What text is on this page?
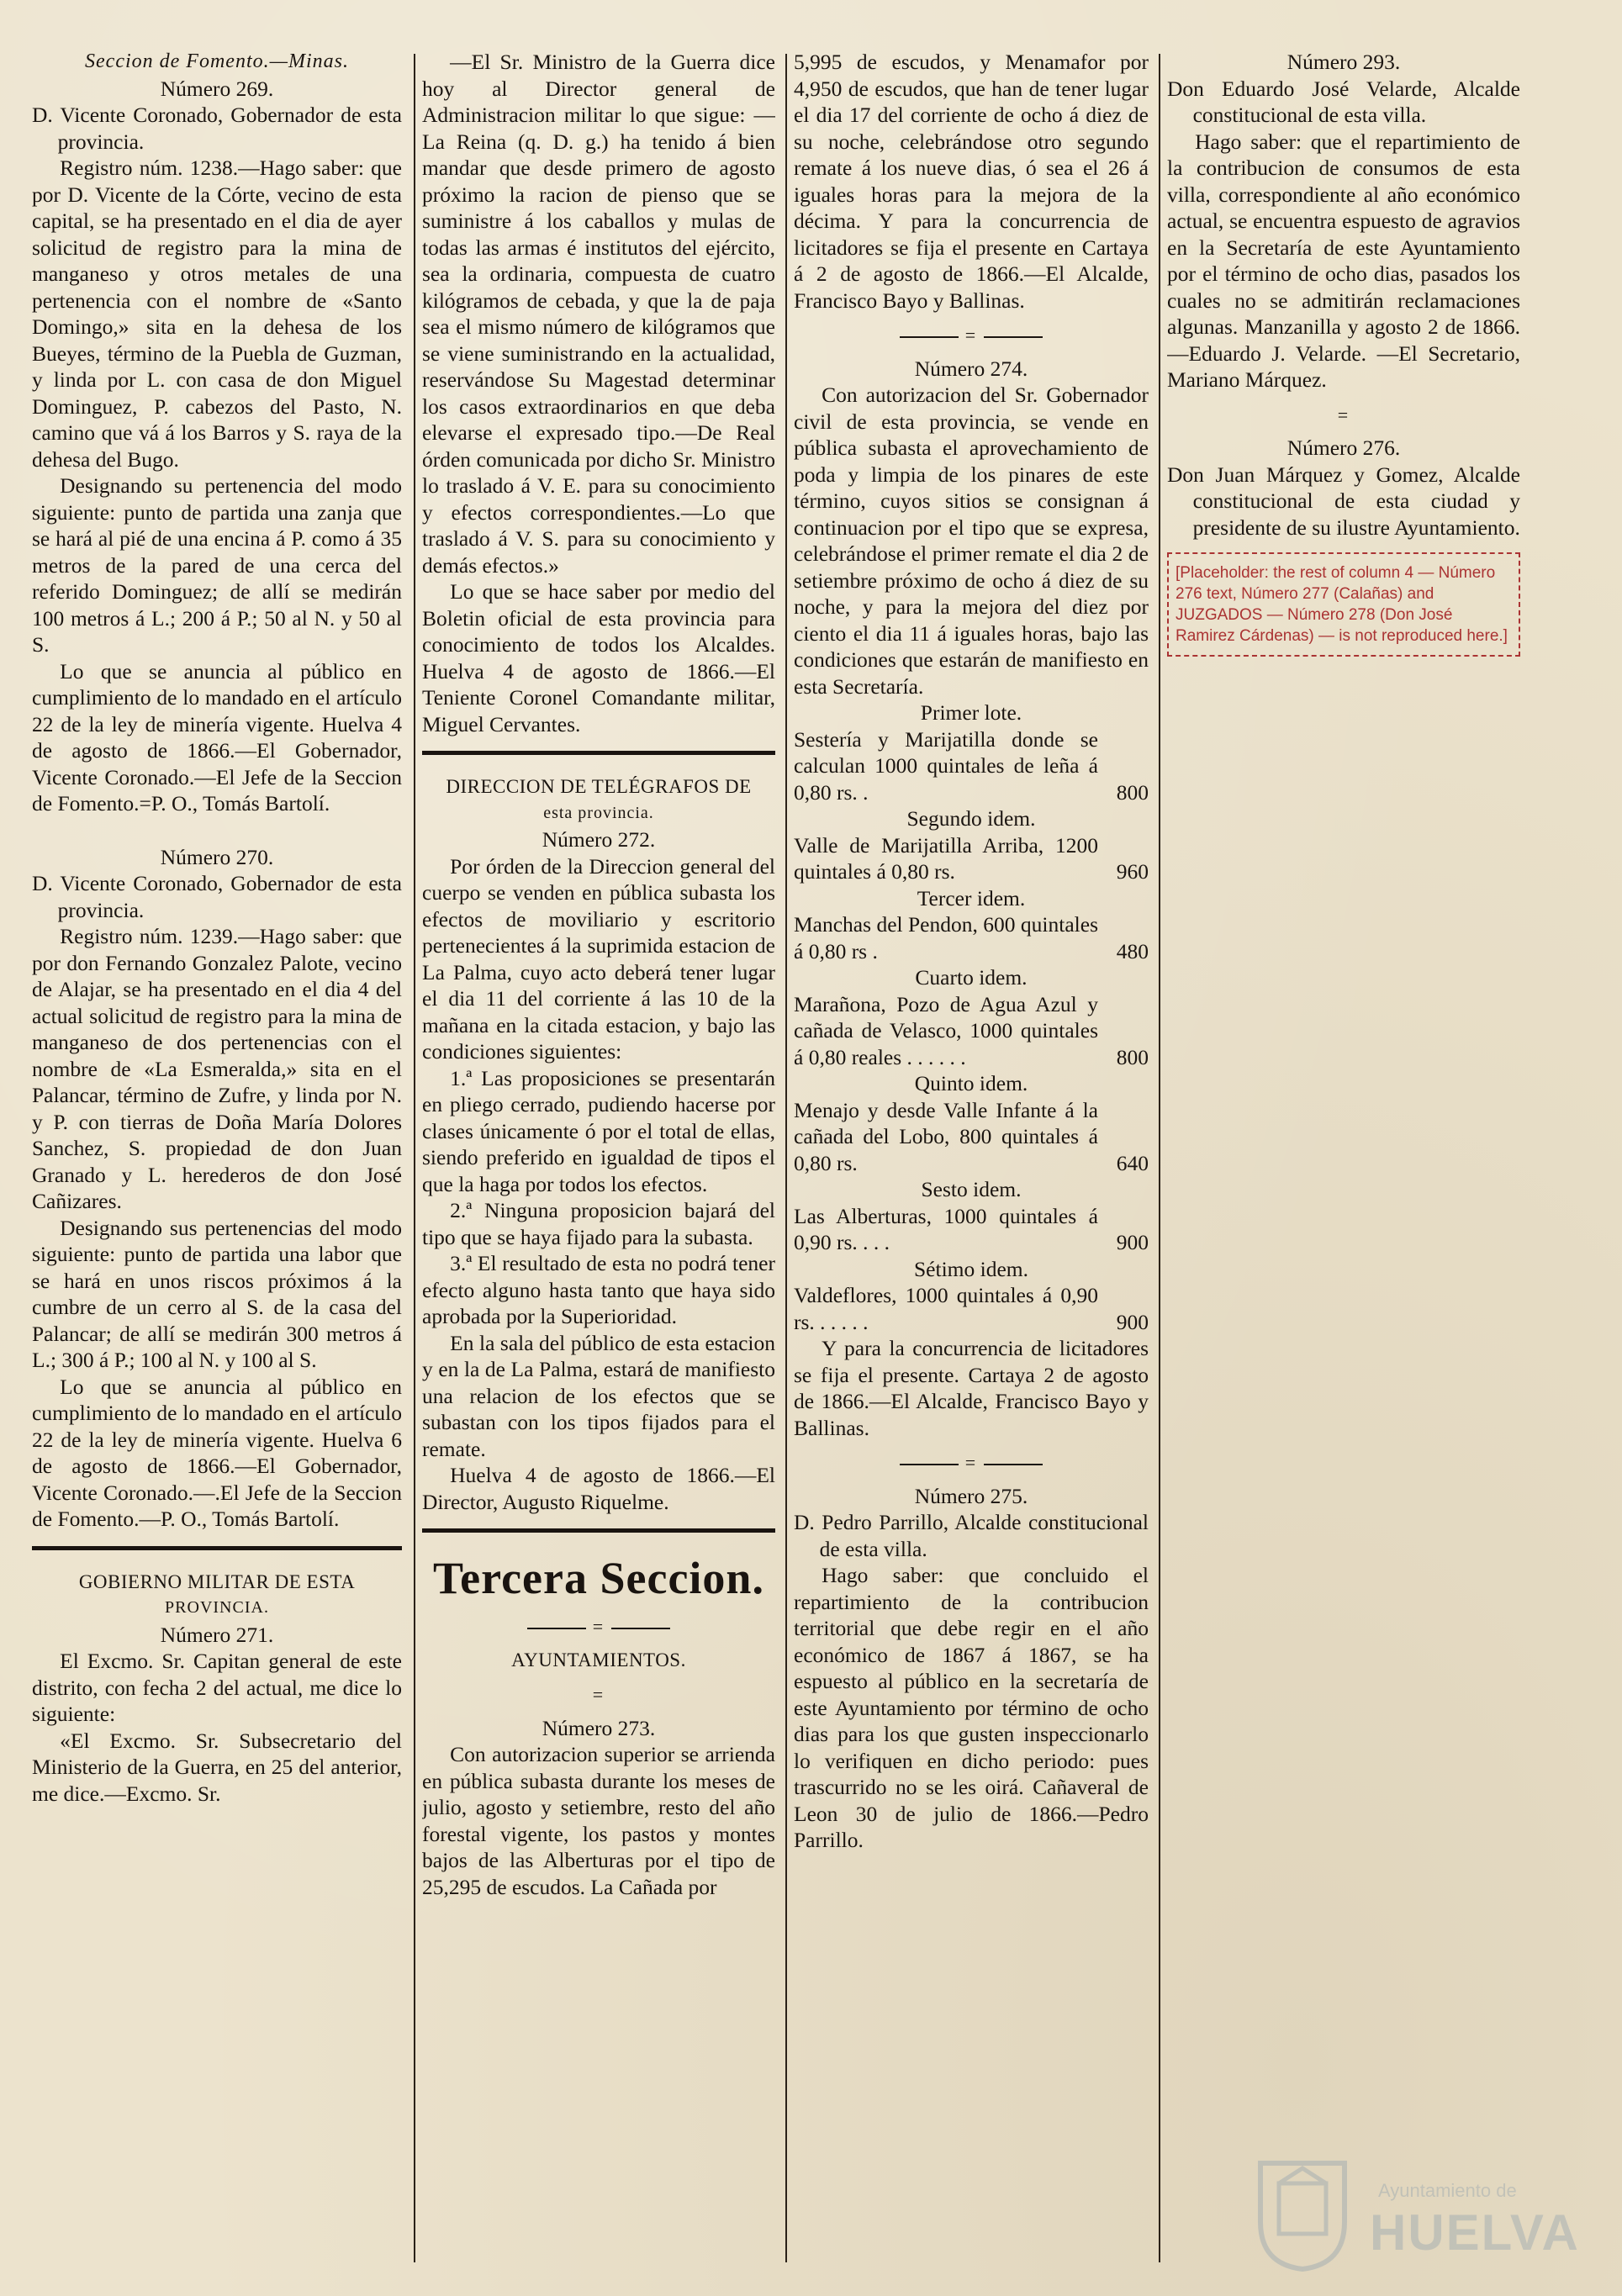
Seccion de Fomento.—Minas.

Número 269.

D. Vicente Coronado, Gobernador de esta provincia.

Registro núm. 1238.—Hago saber: que por D. Vicente de la Córte, vecino de esta capital, se ha presentado en el dia de ayer solicitud de registro para la mina de manganeso y otros metales de una pertenencia con el nombre de «Santo Domingo,» sita en la dehesa de los Bueyes, término de la Puebla de Guzman, y linda por L. con casa de don Miguel Dominguez, P. cabezos del Pasto, N. camino que vá á los Barros y S. raya de la dehesa del Bugo.

Designando su pertenencia del modo siguiente: punto de partida una zanja que se hará al pié de una encina á P. como á 35 metros de la pared de una cerca del referido Dominguez; de allí se medirán 100 metros á L.; 200 á P.; 50 al N. y 50 al S.

Lo que se anuncia al público en cumplimiento de lo mandado en el artículo 22 de la ley de minería vigente. Huelva 4 de agosto de 1866.—El Gobernador, Vicente Coronado.—El Jefe de la Seccion de Fomento.=P. O., Tomás Bartolí.

Número 270.

D. Vicente Coronado, Gobernador de esta provincia.

Registro núm. 1239.—Hago saber: que por don Fernando Gonzalez Palote, vecino de Alajar, se ha presentado en el dia 4 del actual solicitud de registro para la mina de manganeso de dos pertenencias con el nombre de «La Esmeralda,» sita en el Palancar, término de Zufre, y linda por N. y P. con tierras de Doña María Dolores Sanchez, S. propiedad de don Juan Granado y L. herederos de don José Cañizares.

Designando sus pertenencias del modo siguiente: punto de partida una labor que se hará en unos riscos próximos á la cumbre de un cerro al S. de la casa del Palancar; de allí se medirán 300 metros á L.; 300 á P.; 100 al N. y 100 al S.

Lo que se anuncia al público en cumplimiento de lo mandado en el artículo 22 de la ley de minería vigente. Huelva 6 de agosto de 1866.—El Gobernador, Vicente Coronado.—.El Jefe de la Seccion de Fomento.—P. O., Tomás Bartolí.

GOBIERNO MILITAR DE ESTA

PROVINCIA.

Número 271.

El Excmo. Sr. Capitan general de este distrito, con fecha 2 del actual, me dice lo siguiente:

«El Excmo. Sr. Subsecretario del Ministerio de la Guerra, en 25 del anterior, me dice.—Excmo. Sr.

—El Sr. Ministro de la Guerra dice hoy al Director general de Administracion militar lo que sigue: —La Reina (q. D. g.) ha tenido á bien mandar que desde primero de agosto próximo la racion de pienso que se suministre á los caballos y mulas de todas las armas é institutos del ejército, sea la ordinaria, compuesta de cuatro kilógramos de cebada, y que la de paja sea el mismo número de kilógramos que se viene suministrando en la actualidad, reservándose Su Magestad determinar los casos extraordinarios en que deba elevarse el expresado tipo.—De Real órden comunicada por dicho Sr. Ministro lo traslado á V. E. para su conocimiento y efectos correspondientes.—Lo que traslado á V. S. para su conocimiento y demás efectos.»

Lo que se hace saber por medio del Boletin oficial de esta provincia para conocimiento de todos los Alcaldes. Huelva 4 de agosto de 1866.—El Teniente Coronel Comandante militar, Miguel Cervantes.

DIRECCION DE TELÉGRAFOS DE

esta provincia.

Número 272.

Por órden de la Direccion general del cuerpo se venden en pública subasta los efectos de moviliario y escritorio pertenecientes á la suprimida estacion de La Palma, cuyo acto deberá tener lugar el dia 11 del corriente á las 10 de la mañana en la citada estacion, y bajo las condiciones siguientes:

1.ª Las proposiciones se presentarán en pliego cerrado, pudiendo hacerse por clases únicamente ó por el total de ellas, siendo preferido en igualdad de tipos el que la haga por todos los efectos.

2.ª Ninguna proposicion bajará del tipo que se haya fijado para la subasta.

3.ª El resultado de esta no podrá tener efecto alguno hasta tanto que haya sido aprobada por la Superioridad.

En la sala del público de esta estacion y en la de La Palma, estará de manifiesto una relacion de los efectos que se subastan con los tipos fijados para el remate.

Huelva 4 de agosto de 1866.—El Director, Augusto Riquelme.

Tercera Seccion.

=

AYUNTAMIENTOS.

=

Número 273.

Con autorizacion superior se arrienda en pública subasta durante los meses de julio, agosto y setiembre, resto del año forestal vigente, los pastos y montes bajos de las Alberturas por el tipo de 25,295 de escudos. La Cañada por

5,995 de escudos, y Menamafor por 4,950 de escudos, que han de tener lugar el dia 17 del corriente de ocho á diez de su noche, celebrándose otro segundo remate á los nueve dias, ó sea el 26 á iguales horas para la mejora de la décima. Y para la concurrencia de licitadores se fija el presente en Cartaya á 2 de agosto de 1866.—El Alcalde, Francisco Bayo y Ballinas.

=

Número 274.

Con autorizacion del Sr. Gobernador civil de esta provincia, se vende en pública subasta el aprovechamiento de poda y limpia de los pinares de este término, cuyos sitios se consignan á continuacion por el tipo que se expresa, celebrándose el primer remate el dia 2 de setiembre próximo de ocho á diez de su noche, y para la mejora del diez por ciento el dia 11 á iguales horas, bajo las condiciones que estarán de manifiesto en esta Secretaría.

Primer lote.

Sestería y Marijatilla donde se calculan 1000 quintales de leña á 0,80 rs. .	800

Segundo idem.

Valle de Marijatilla Arriba, 1200 quintales á 0,80 rs.	960

Tercer idem.

Manchas del Pendon, 600 quintales á 0,80 rs .	480

Cuarto idem.

Marañona, Pozo de Agua Azul y cañada de Velasco, 1000 quintales á 0,80 reales . . . . . .	800

Quinto idem.

Menajo y desde Valle Infante á la cañada del Lobo, 800 quintales á 0,80 rs.	640

Sesto idem.

Las Alberturas, 1000 quintales á 0,90 rs. . . .	900

Sétimo idem.

Valdeflores, 1000 quintales á 0,90 rs. . . . . .	900

Y para la concurrencia de licitadores se fija el presente. Cartaya 2 de agosto de 1866.—El Alcalde, Francisco Bayo y Ballinas.

=

Número 275.

D. Pedro Parrillo, Alcalde constitucional de esta villa.

Hago saber: que concluido el repartimiento de la contribucion territorial que debe regir en el año económico de 1867 á 1867, se ha espuesto al público en la secretaría de este Ayuntamiento por término de ocho dias para los que gusten inspeccionarlo lo verifiquen en dicho periodo: pues trascurrido no se les oirá. Cañaveral de Leon 30 de julio de 1866.—Pedro Parrillo.

Número 293.

Don Eduardo José Velarde, Alcalde constitucional de esta villa.

Hago saber: que el repartimiento de la contribucion de consumos de esta villa, correspondiente al año económico actual, se encuentra espuesto de agravios en la Secretaría de este Ayuntamiento por el término de ocho dias, pasados los cuales no se admitirán reclamaciones algunas. Manzanilla y agosto 2 de 1866.—Eduardo J. Velarde. —El Secretario, Mariano Márquez.

=

Número 276.

Don Juan Márquez y Gomez, Alcalde constitucional de esta ciudad y presidente de su ilustre Ayuntamiento.

[Placeholder: the rest of column 4 — Número 276 text, Número 277 (Calañas) and JUZGADOS — Número 278 (Don José Ramirez Cárdenas) — is not reproduced here.]
Ayuntamiento de
HUELVA
